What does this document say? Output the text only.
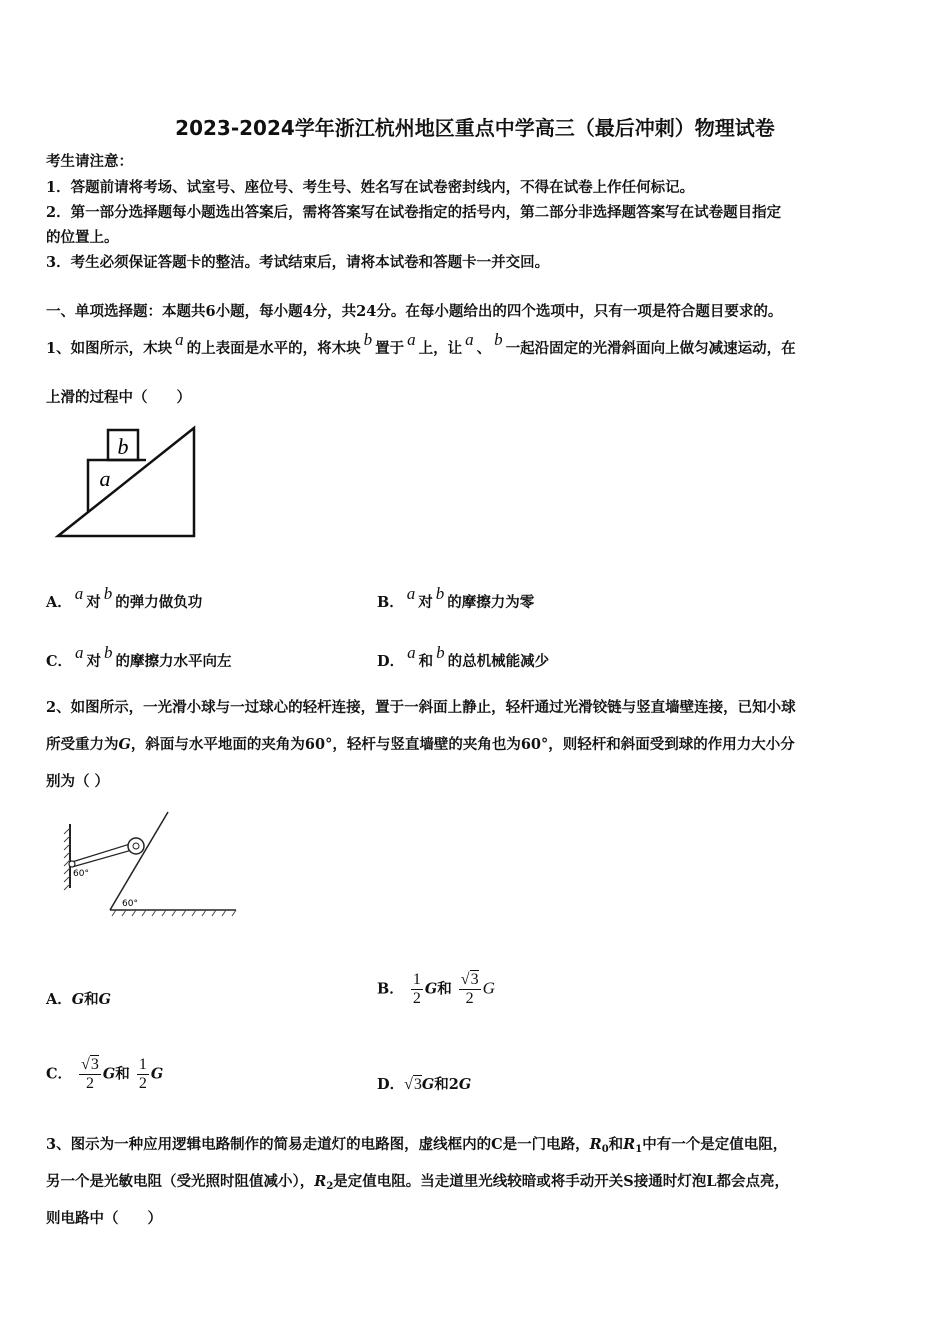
2023-2024学年浙江杭州地区重点中学高三（最后冲刺）物理试卷
考生请注意：
1．答题前请将考场、试室号、座位号、考生号、姓名写在试卷密封线内，不得在试卷上作任何标记。
2．第一部分选择题每小题选出答案后，需将答案写在试卷指定的括号内，第二部分非选择题答案写在试卷题目指定
的位置上。
3．考生必须保证答题卡的整洁。考试结束后，请将本试卷和答题卡一并交回。
一、单项选择题：本题共6小题，每小题4分，共24分。在每小题给出的四个选项中，只有一项是符合题目要求的。
1、如图所示，木块 a 的上表面是水平的，将木块 b 置于 a 上，让 a 、 b 一起沿固定的光滑斜面向上做匀减速运动，在
上滑的过程中（　　）
b
a
A． a 对 b 的弹力做负功	B． a 对 b 的摩擦力为零
C． a 对 b 的摩擦力水平向左	D． a 和 b 的总机械能减少
2、如图所示，一光滑小球与一过球心的轻杆连接，置于一斜面上静止，轻杆通过光滑铰链与竖直墙壁连接，已知小球
所受重力为G，斜面与水平地面的夹角为60°，轻杆与竖直墙壁的夹角也为60°，则轻杆和斜面受到球的作用力大小分
别为（ ）
60°
60°
A．G和G
B． $\frac{1}{2}$ G和 $\frac{√3}{2}$ G
C． $\frac{√3}{2}$ G和 $\frac{1}{2}$ G
D．√3G和2G
3、图示为一种应用逻辑电路制作的简易走道灯的电路图，虚线框内的C是一门电路，$R_0$和$R_1$中有一个是定值电阻，
另一个是光敏电阻（受光照时阻值减小），$R_2$是定值电阻。当走道里光线较暗或将手动开关S接通时灯泡L都会点亮，
则电路中（　　）
